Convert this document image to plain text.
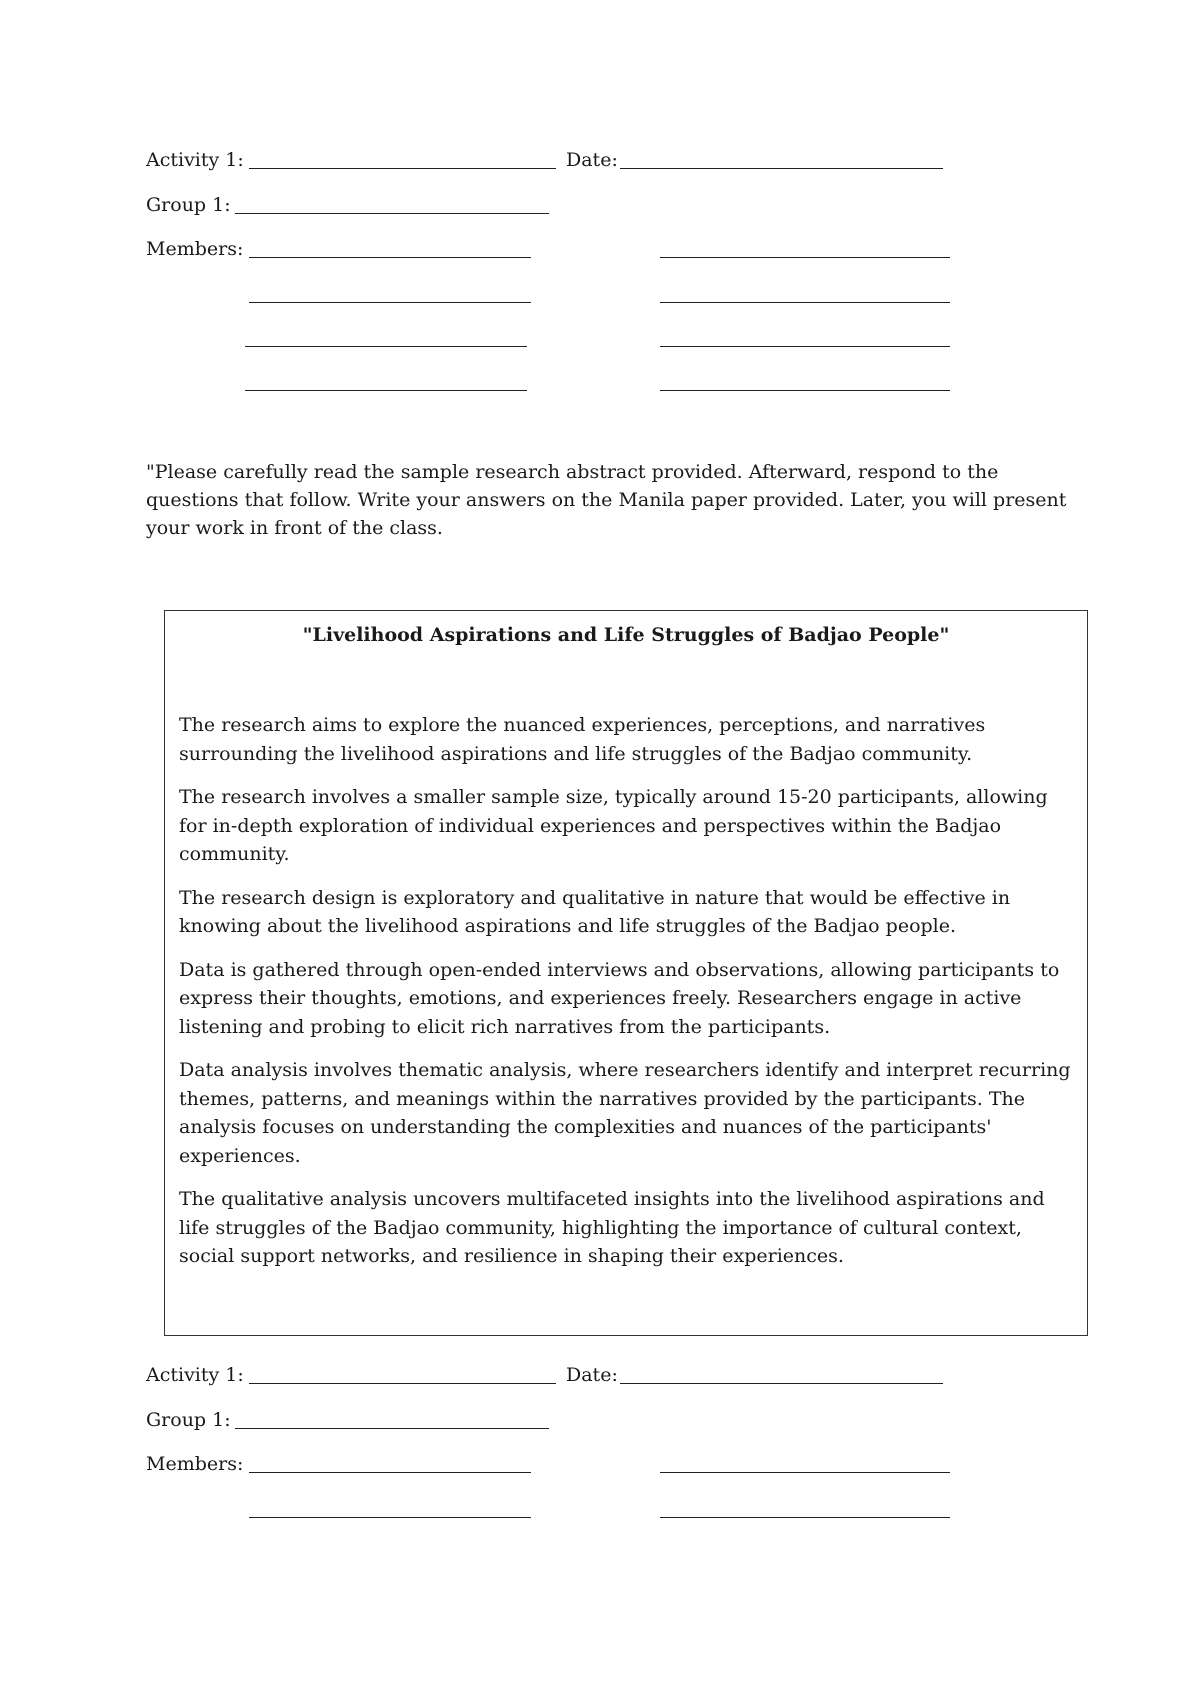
Activity 1:	Date:
Group 1:
Members:
"Please carefully read the sample research abstract provided. Afterward, respond to the questions that follow. Write your answers on the Manila paper provided. Later, you will present your work in front of the class.
"Livelihood Aspirations and Life Struggles of Badjao People"

The research aims to explore the nuanced experiences, perceptions, and narratives surrounding the livelihood aspirations and life struggles of the Badjao community.

The research involves a smaller sample size, typically around 15-20 participants, allowing for in-depth exploration of individual experiences and perspectives within the Badjao community.

The research design is exploratory and qualitative in nature that would be effective in knowing about the livelihood aspirations and life struggles of the Badjao people.

Data is gathered through open-ended interviews and observations, allowing participants to express their thoughts, emotions, and experiences freely. Researchers engage in active listening and probing to elicit rich narratives from the participants.

Data analysis involves thematic analysis, where researchers identify and interpret recurring themes, patterns, and meanings within the narratives provided by the participants. The analysis focuses on understanding the complexities and nuances of the participants' experiences.

The qualitative analysis uncovers multifaceted insights into the livelihood aspirations and life struggles of the Badjao community, highlighting the importance of cultural context, social support networks, and resilience in shaping their experiences.

Activity 1:	Date:
Group 1:
Members:
